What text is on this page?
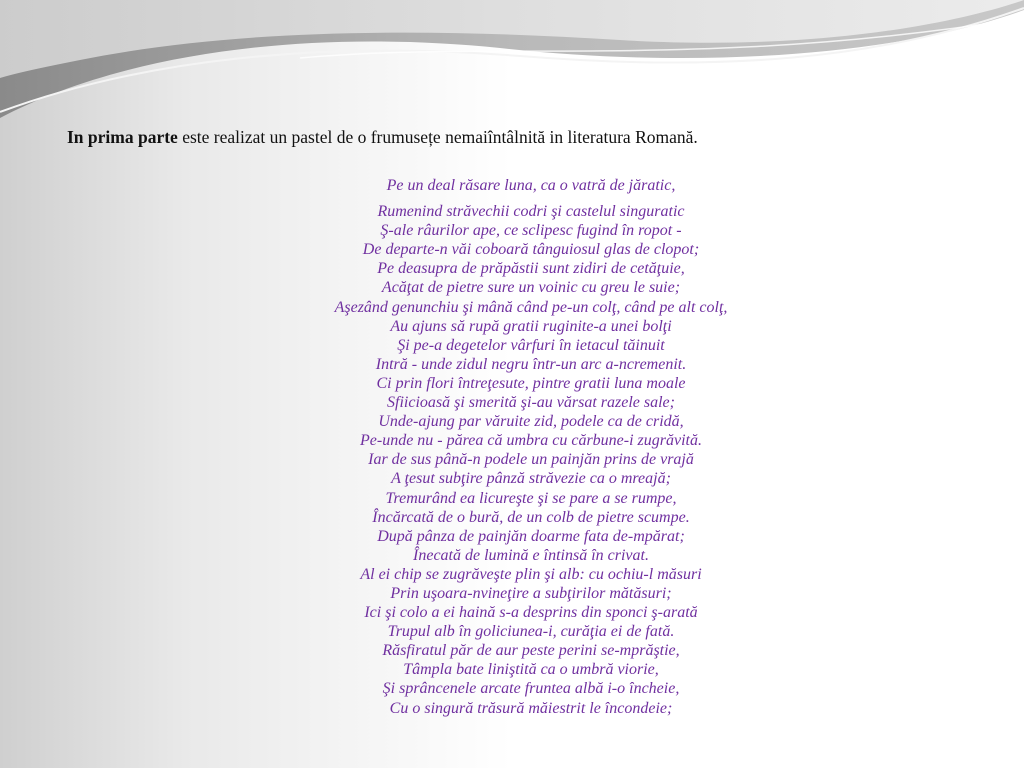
In prima parte este realizat un pastel de o frumusețe nemaiîntâlnită in literatura Romană.
Pe un deal răsare luna, ca o vatră de jăratic,
Rumenind străvechii codri şi castelul singuratic
Ş-ale râurilor ape, ce sclipesc fugind în ropot -
De departe-n văi coboară tânguiosul glas de clopot;
Pe deasupra de prăpăstii sunt zidiri de cetăţuie,
Acăţat de pietre sure un voinic cu greu le suie;
Aşezând genunchiu şi mână când pe-un colţ, când pe alt colţ,
Au ajuns să rupă gratii ruginite-a unei bolţi
Şi pe-a degetelor vârfuri în ietacul tăinuit
Intră - unde zidul negru într-un arc a-ncremenit.
Ci prin flori întreţesute, pintre gratii luna moale
Sfiicioasă şi smerită şi-au vărsat razele sale;
Unde-ajung par văruite zid, podele ca de cridă,
Pe-unde nu - părea că umbra cu cărbune-i zugrăvită.
Iar de sus până-n podele un painjăn prins de vrajă
A ţesut subţire pânză străvezie ca o mreajă;
Tremurând ea licureşte şi se pare a se rumpe,
Încărcată de o bură, de un colb de pietre scumpe.
După pânza de painjăn doarme fata de-mpărat;
Înecată de lumină e întinsă în crivat.
Al ei chip se zugrăveşte plin şi alb: cu ochiu-l măsuri
Prin uşoara-nvineţire a subţirilor mătăsuri;
Ici şi colo a ei haină s-a desprins din sponci ş-arată
Trupul alb în goliciunea-i, curăţia ei de fată.
Răsfiratul păr de aur peste perini se-mprăştie,
Tâmpla bate liniştită ca o umbră viorie,
Şi sprâncenele arcate fruntea albă i-o încheie,
Cu o singură trăsură măiestrit le încondeie;
